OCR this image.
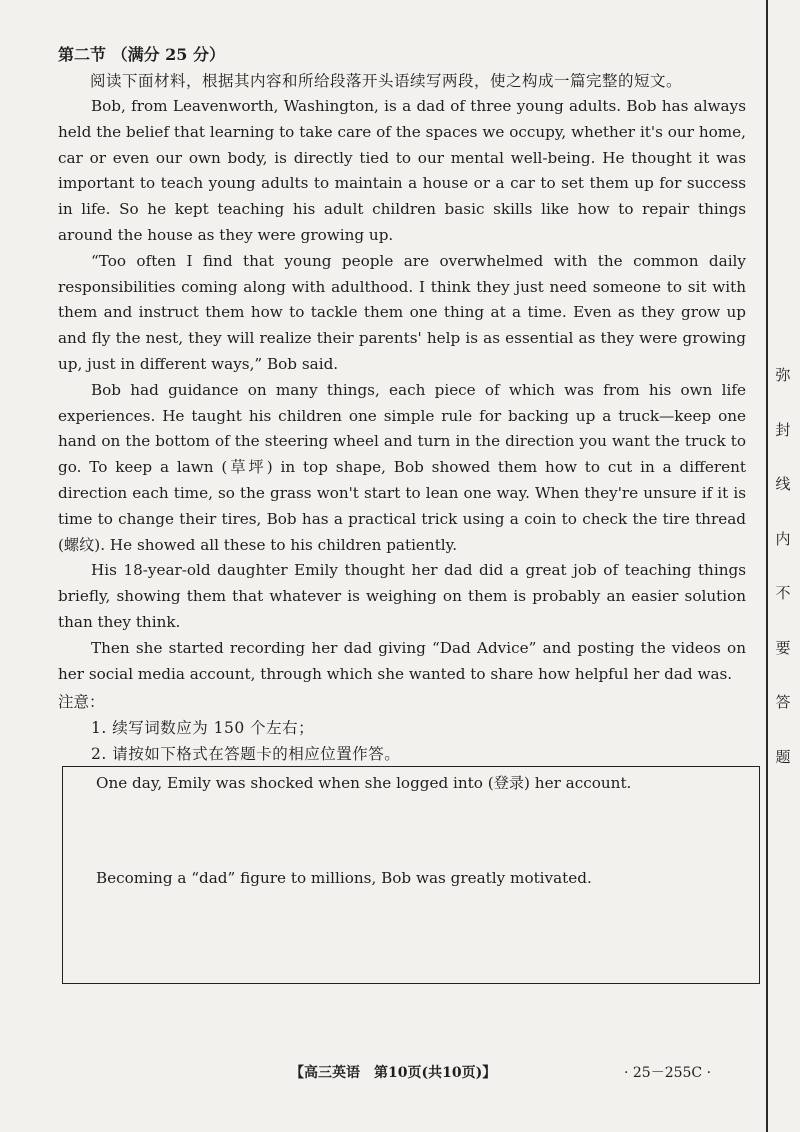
第二节 （满分 25 分）

阅读下面材料，根据其内容和所给段落开头语续写两段，使之构成一篇完整的短文。

Bob, from Leavenworth, Washington, is a dad of three young adults. Bob has always held the belief that learning to take care of the spaces we occupy, whether it's our home, car or even our own body, is directly tied to our mental well-being. He thought it was important to teach young adults to maintain a house or a car to set them up for success in life. So he kept teaching his adult children basic skills like how to repair things around the house as they were growing up.

“Too often I find that young people are overwhelmed with the common daily responsibilities coming along with adulthood. I think they just need someone to sit with them and instruct them how to tackle them one thing at a time. Even as they grow up and fly the nest, they will realize their parents' help is as essential as they were growing up, just in different ways,” Bob said.

Bob had guidance on many things, each piece of which was from his own life experiences. He taught his children one simple rule for backing up a truck—keep one hand on the bottom of the steering wheel and turn in the direction you want the truck to go. To keep a lawn (草坪) in top shape, Bob showed them how to cut in a different direction each time, so the grass won't start to lean one way. When they're unsure if it is time to change their tires, Bob has a practical trick using a coin to check the tire thread (螺纹). He showed all these to his children patiently.

His 18-year-old daughter Emily thought her dad did a great job of teaching things briefly, showing them that whatever is weighing on them is probably an easier solution than they think.

Then she started recording her dad giving “Dad Advice” and posting the videos on her social media account, through which she wanted to share how helpful her dad was.

注意：

1. 续写词数应为 150 个左右；

2. 请按如下格式在答题卡的相应位置作答。

One day, Emily was shocked when she logged into (登录) her account.
Becoming a “dad” figure to millions, Bob was greatly motivated.
弥
封
线
内
不
要
答
题
【高三英语　第10页(共10页)】	· 25－255C ·
